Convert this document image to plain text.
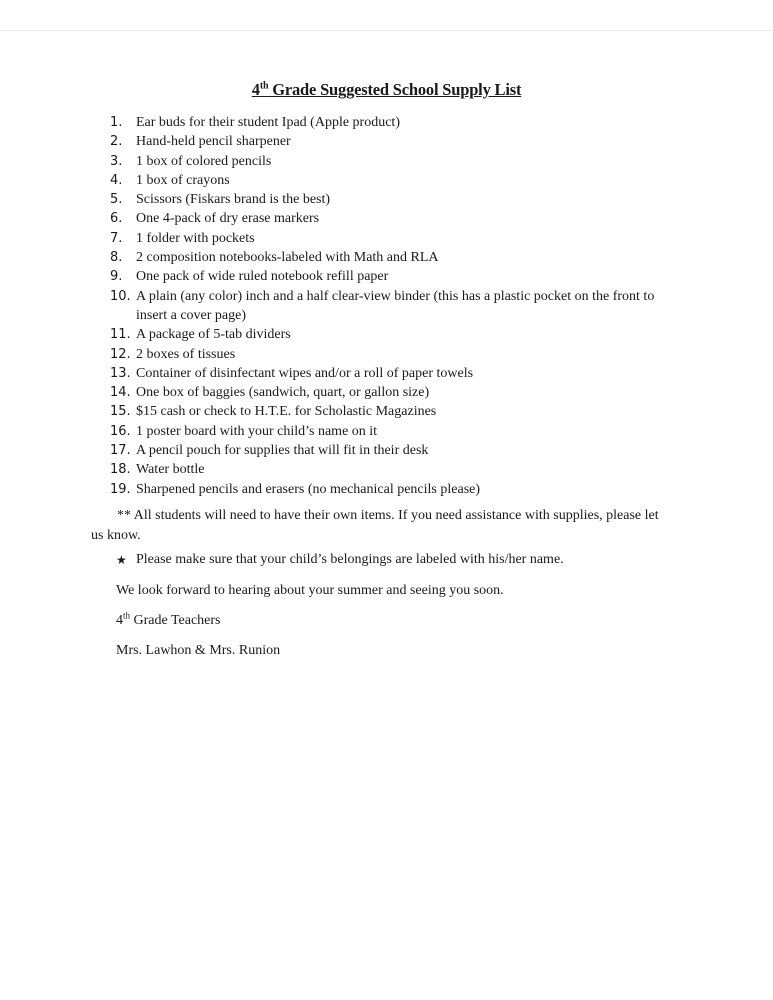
4th Grade Suggested School Supply List
1. Ear buds for their student Ipad (Apple product)
2. Hand-held pencil sharpener
3. 1 box of colored pencils
4. 1 box of crayons
5. Scissors (Fiskars brand is the best)
6. One 4-pack of dry erase markers
7. 1 folder with pockets
8. 2 composition notebooks-labeled with Math and RLA
9. One pack of wide ruled notebook refill paper
10. A plain (any color) inch and a half clear-view binder (this has a plastic pocket on the front to insert a cover page)
11. A package of 5-tab dividers
12. 2 boxes of tissues
13. Container of disinfectant wipes and/or a roll of paper towels
14. One box of baggies (sandwich, quart, or gallon size)
15. $15 cash or check to H.T.E. for Scholastic Magazines
16. 1 poster board with your child’s name on it
17. A pencil pouch for supplies that will fit in their desk
18. Water bottle
19. Sharpened pencils and erasers (no mechanical pencils please)
** All students will need to have their own items. If you need assistance with supplies, please let us know.
★ Please make sure that your child’s belongings are labeled with his/her name.
We look forward to hearing about your summer and seeing you soon.
4th Grade Teachers
Mrs. Lawhon & Mrs. Runion
